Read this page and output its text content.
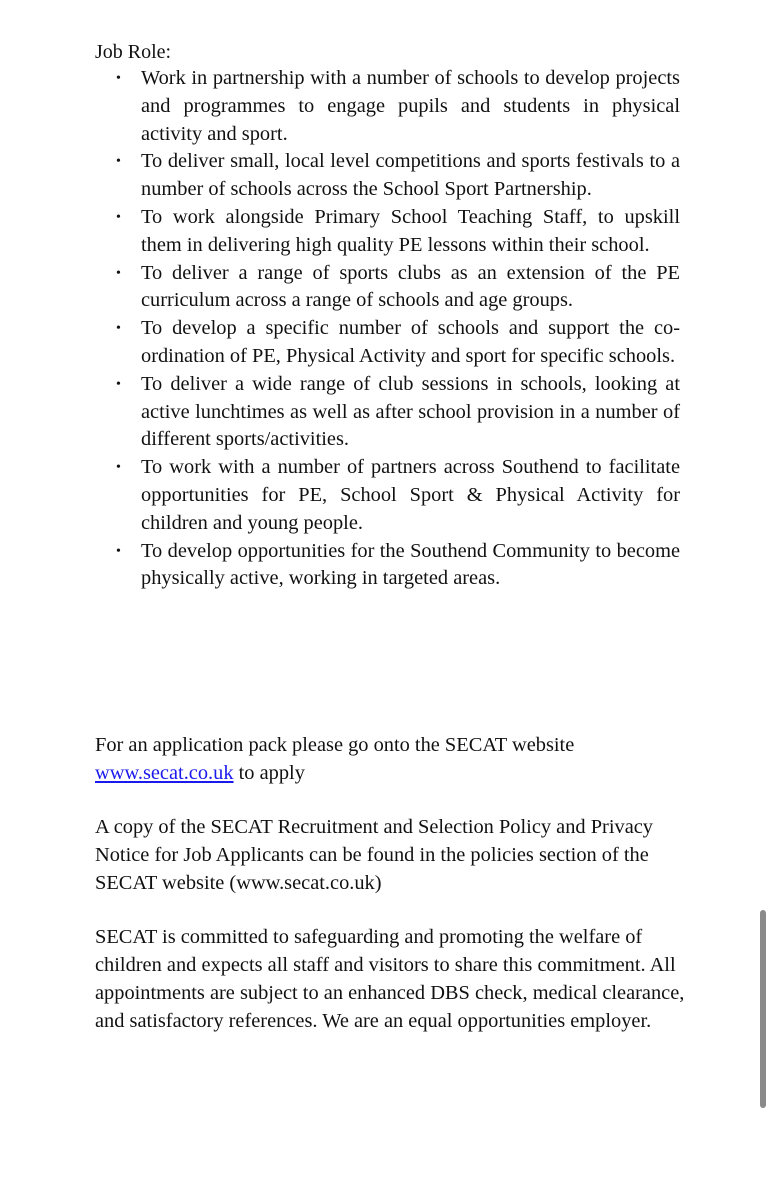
Job Role:

• Work in partnership with a number of schools to develop projects and programmes to engage pupils and students in physical activity and sport.
• To deliver small, local level competitions and sports festivals to a number of schools across the School Sport Partnership.
• To work alongside Primary School Teaching Staff, to upskill them in delivering high quality PE lessons within their school.
• To deliver a range of sports clubs as an extension of the PE curriculum across a range of schools and age groups.
• To develop a specific number of schools and support the co-ordination of PE, Physical Activity and sport for specific schools.
• To deliver a wide range of club sessions in schools, looking at active lunchtimes as well as after school provision in a number of different sports/activities.
• To work with a number of partners across Southend to facilitate opportunities for PE, School Sport & Physical Activity for children and young people.
• To develop opportunities for the Southend Community to become physically active, working in targeted areas.

For an application pack please go onto the SECAT website
www.secat.co.uk to apply

A copy of the SECAT Recruitment and Selection Policy and Privacy Notice for Job Applicants can be found in the policies section of the SECAT website (www.secat.co.uk)

SECAT is committed to safeguarding and promoting the welfare of children and expects all staff and visitors to share this commitment. All appointments are subject to an enhanced DBS check, medical clearance, and satisfactory references. We are an equal opportunities employer.
